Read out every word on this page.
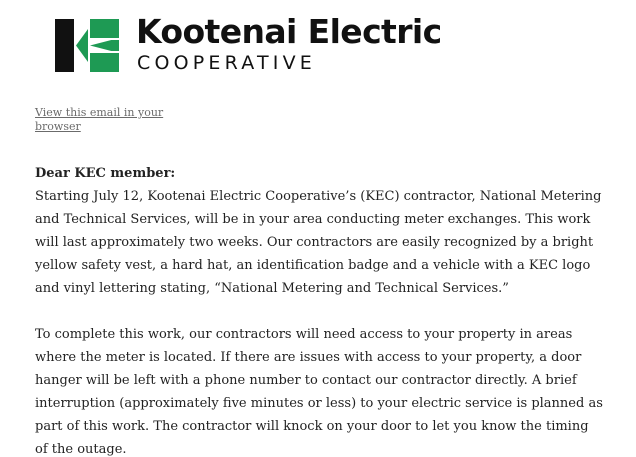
Kootenai Electric
COOPERATIVE
View this email in your browser
Dear KEC member:

Starting July 12, Kootenai Electric Cooperative’s (KEC) contractor, National Metering and Technical Services, will be in your area conducting meter exchanges. This work will last approximately two weeks. Our contractors are easily recognized by a bright yellow safety vest, a hard hat, an identification badge and a vehicle with a KEC logo and vinyl lettering stating, “National Metering and Technical Services.”

To complete this work, our contractors will need access to your property in areas where the meter is located. If there are issues with access to your property, a door hanger will be left with a phone number to contact our contractor directly. A brief interruption (approximately five minutes or less) to your electric service is planned as part of this work. The contractor will knock on your door to let you know the timing of the outage.
